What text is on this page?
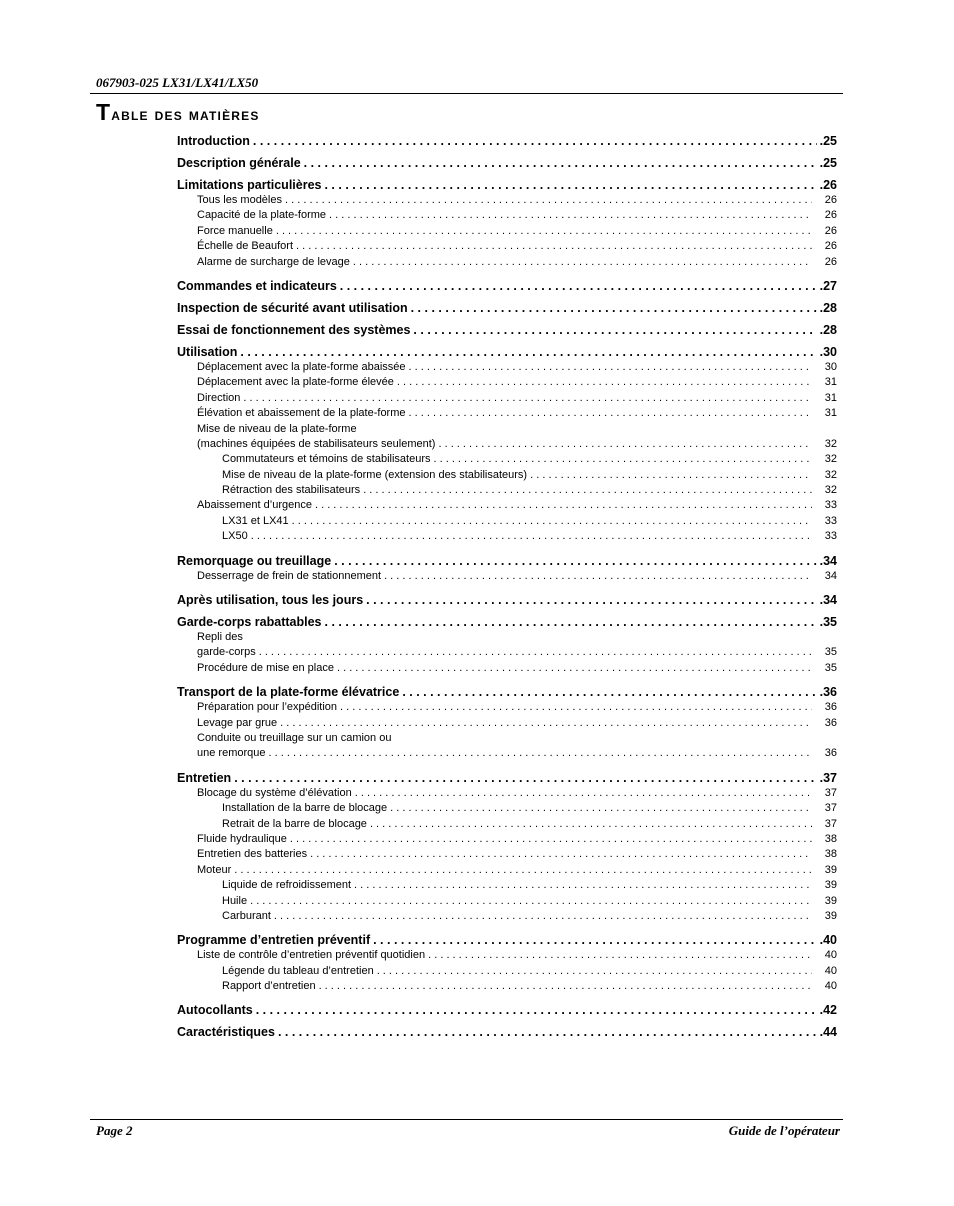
067903-025 LX31/LX41/LX50
Table des matières
Introduction . . .	.25
Description générale . . .	.25
Limitations particulières . . .	.26
Tous les modèles . . .	26
Capacité de la plate-forme . . .	26
Force manuelle . . .	26
Échelle de Beaufort . . .	26
Alarme de surcharge de levage . . .	26
Commandes et indicateurs . . .	.27
Inspection de sécurité avant utilisation . . .	.28
Essai de fonctionnement des systèmes . . .	.28
Utilisation . . .	.30
Déplacement avec la plate-forme abaissée . . .	30
Déplacement avec la plate-forme élevée . . .	31
Direction . . .	31
Élévation et abaissement de la plate-forme . . .	31
Mise de niveau de la plate-forme
(machines équipées de stabilisateurs seulement) . . .	32
Commutateurs et témoins de stabilisateurs . . .	32
Mise de niveau de la plate-forme (extension des stabilisateurs) . . .	32
Rétraction des stabilisateurs . . .	32
Abaissement d’urgence . . .	33
LX31 et LX41 . . .	33
LX50 . . .	33
Remorquage ou treuillage . . .	.34
Desserrage de frein de stationnement . . .	34
Après utilisation, tous les jours . . .	.34
Garde-corps rabattables . . .	.35
Repli des
garde-corps . . .	35
Procédure de mise en place . . .	35
Transport de la plate-forme élévatrice . . .	.36
Préparation pour l’expédition . . .	36
Levage par grue . . .	36
Conduite ou treuillage sur un camion ou
une remorque . . .	36
Entretien . . .	.37
Blocage du système d’élévation . . .	37
Installation de la barre de blocage . . .	37
Retrait de la barre de blocage . . .	37
Fluide hydraulique . . .	38
Entretien des batteries . . .	38
Moteur . . .	39
Liquide de refroidissement . . .	39
Huile . . .	39
Carburant . . .	39
Programme d’entretien préventif . . .	.40
Liste de contrôle d’entretien préventif quotidien . . .	40
Légende du tableau d’entretien . . .	40
Rapport d’entretien . . .	40
Autocollants . . .	.42
Caractéristiques . . .	.44
Page 2	Guide de l’opérateur
